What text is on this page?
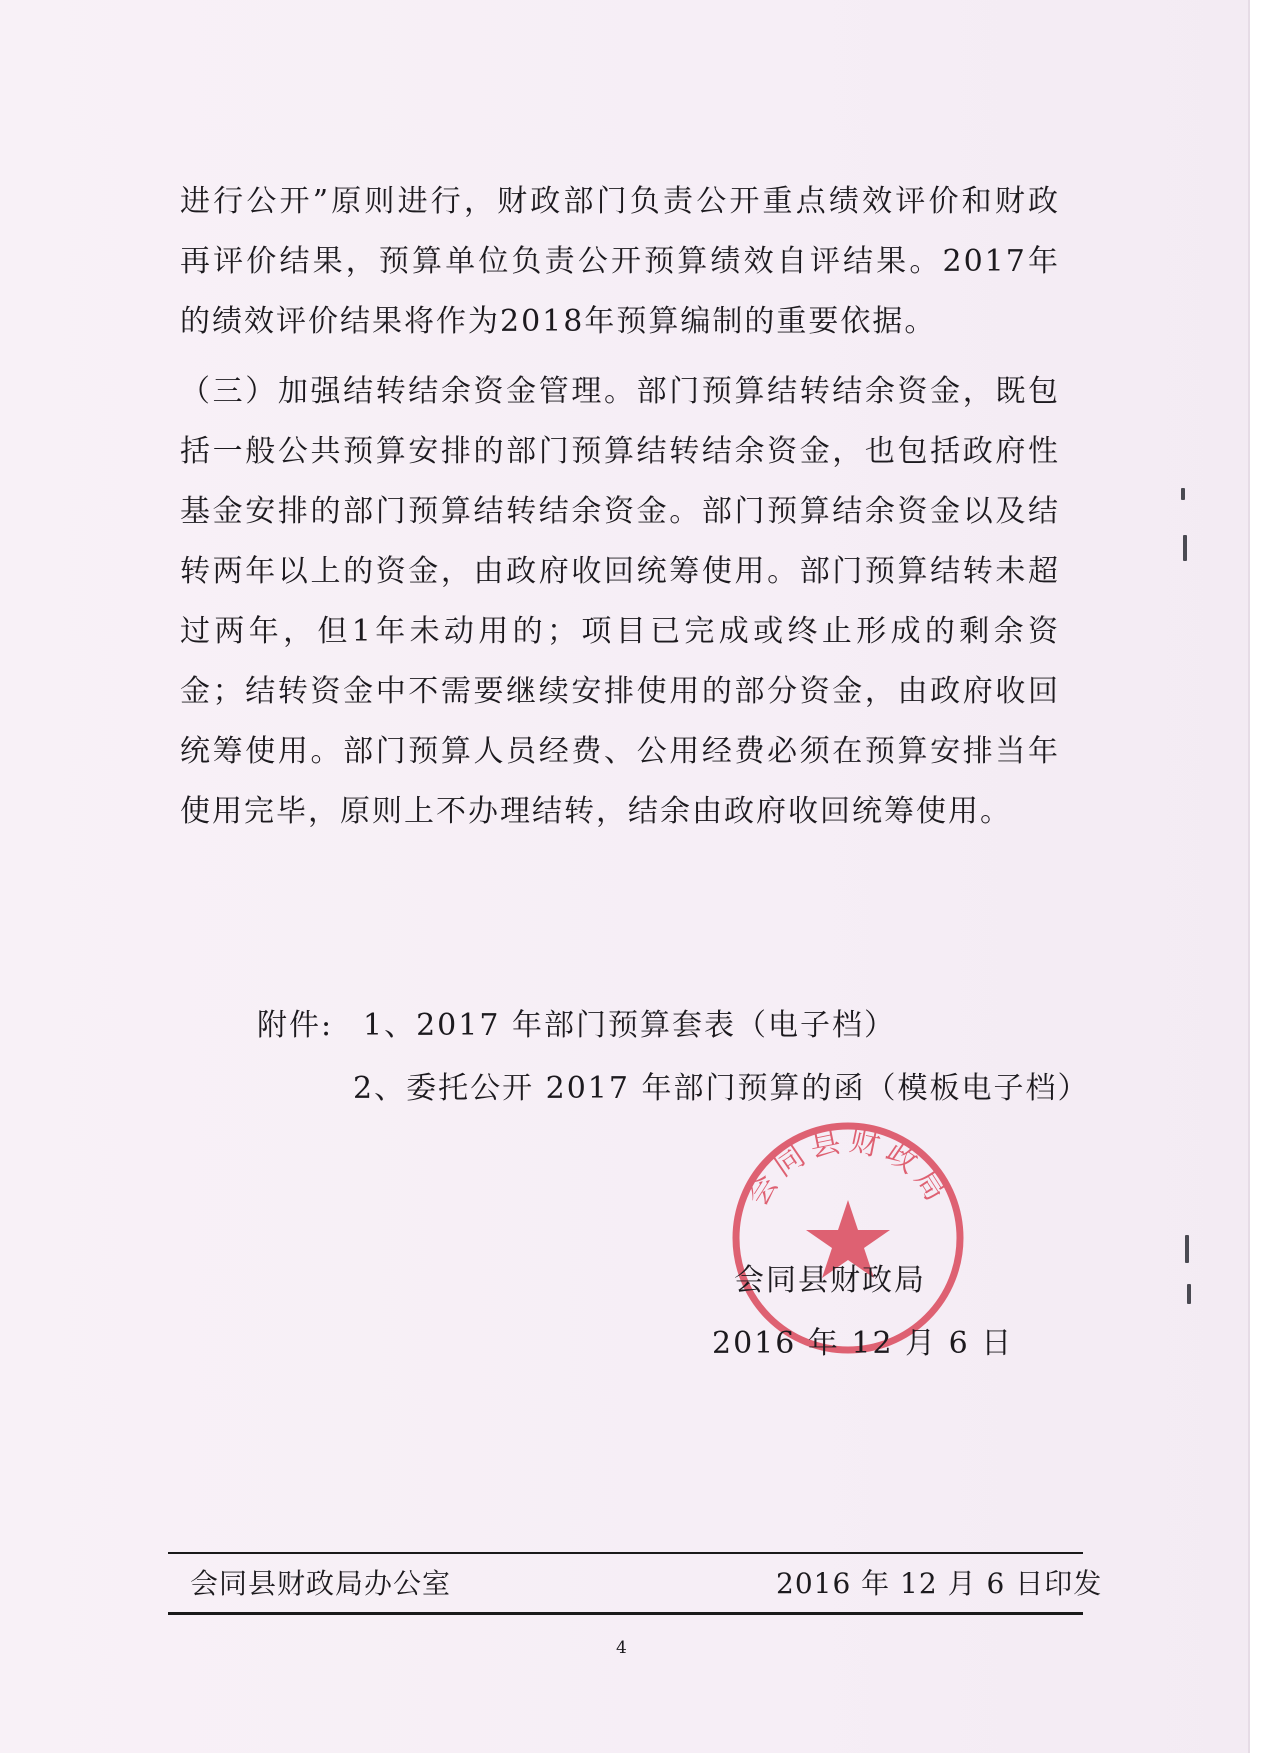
进行公开”原则进行，财政部门负责公开重点绩效评价和财政再评价结果，预算单位负责公开预算绩效自评结果。2017年的绩效评价结果将作为2018年预算编制的重要依据。

（三）加强结转结余资金管理。部门预算结转结余资金，既包括一般公共预算安排的部门预算结转结余资金，也包括政府性基金安排的部门预算结转结余资金。部门预算结余资金以及结转两年以上的资金，由政府收回统筹使用。部门预算结转未超过两年，但1年未动用的；项目已完成或终止形成的剩余资金；结转资金中不需要继续安排使用的部分资金，由政府收回统筹使用。部门预算人员经费、公用经费必须在预算安排当年使用完毕，原则上不办理结转，结余由政府收回统筹使用。

附件: 1、2017 年部门预算套表（电子档）
2、委托公开 2017 年部门预算的函（模板电子档）
会同县财政局
会同县财政局
2016 年 12 月 6 日
会同县财政局办公室	2016 年 12 月 6 日印发
4
